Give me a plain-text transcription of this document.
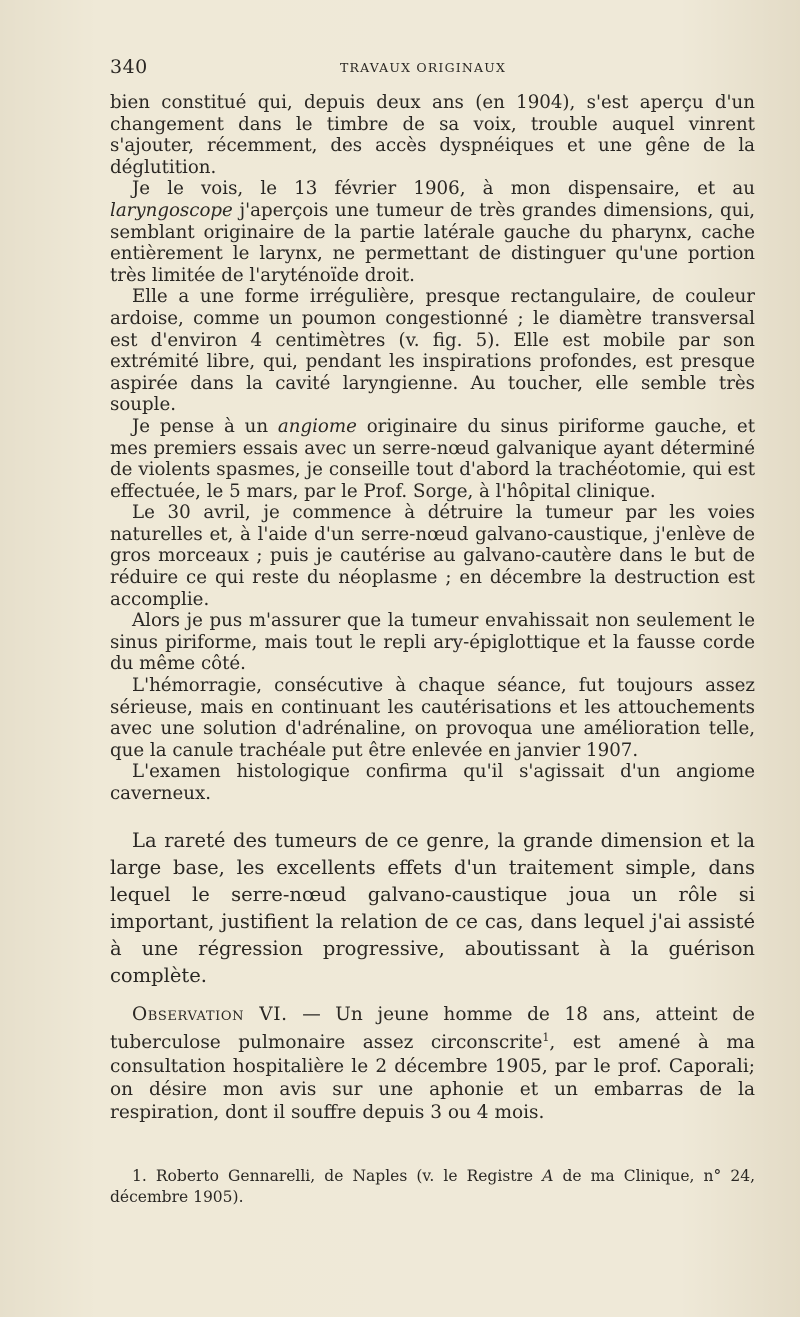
340	TRAVAUX ORIGINAUX

bien constitué qui, depuis deux ans (en 1904), s'est aperçu d'un changement dans le timbre de sa voix, trouble auquel vinrent s'ajouter, récemment, des accès dyspnéiques et une gêne de la déglutition.

Je le vois, le 13 février 1906, à mon dispensaire, et au laryngoscope j'aperçois une tumeur de très grandes dimensions, qui, semblant originaire de la partie latérale gauche du pharynx, cache entièrement le larynx, ne permettant de distinguer qu'une portion très limitée de l'aryténoïde droit.

Elle a une forme irrégulière, presque rectangulaire, de couleur ardoise, comme un poumon congestionné ; le diamètre transversal est d'environ 4 centimètres (v. fig. 5). Elle est mobile par son extrémité libre, qui, pendant les inspirations profondes, est presque aspirée dans la cavité laryngienne. Au toucher, elle semble très souple.

Je pense à un angiome originaire du sinus piriforme gauche, et mes premiers essais avec un serre-nœud galvanique ayant déterminé de violents spasmes, je conseille tout d'abord la trachéotomie, qui est effectuée, le 5 mars, par le Prof. Sorge, à l'hôpital clinique.

Le 30 avril, je commence à détruire la tumeur par les voies naturelles et, à l'aide d'un serre-nœud galvano-caustique, j'enlève de gros morceaux ; puis je cautérise au galvano-cautère dans le but de réduire ce qui reste du néoplasme ; en décembre la destruction est accomplie.

Alors je pus m'assurer que la tumeur envahissait non seulement le sinus piriforme, mais tout le repli ary-épiglottique et la fausse corde du même côté.

L'hémorragie, consécutive à chaque séance, fut toujours assez sérieuse, mais en continuant les cautérisations et les attouchements avec une solution d'adrénaline, on provoqua une amélioration telle, que la canule trachéale put être enlevée en janvier 1907.

L'examen histologique confirma qu'il s'agissait d'un angiome caverneux.

La rareté des tumeurs de ce genre, la grande dimension et la large base, les excellents effets d'un traitement simple, dans lequel le serre-nœud galvano-caustique joua un rôle si important, justifient la relation de ce cas, dans lequel j'ai assisté à une régression progressive, aboutissant à la guérison complète.

Observation VI. — Un jeune homme de 18 ans, atteint de tuberculose pulmonaire assez circonscrite$^1$, est amené à ma consultation hospitalière le 2 décembre 1905, par le prof. Caporali; on désire mon avis sur une aphonie et un embarras de la respiration, dont il souffre depuis 3 ou 4 mois.

1. Roberto Gennarelli, de Naples (v. le Registre A de ma Clinique, n° 24, décembre 1905).
